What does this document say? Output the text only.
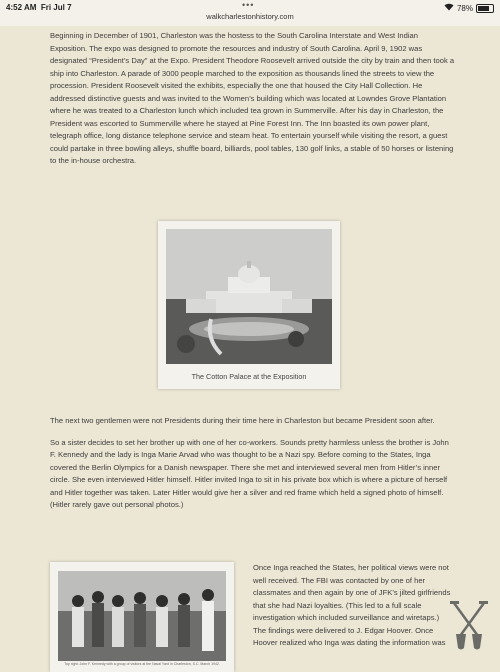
4:52 AM Fri Jul 7	•••
walkcharlestonhistory.com
78%

Beginning in December of 1901, Charleston was the hostess to the South Carolina Interstate and West Indian Exposition. The expo was designed to promote the resources and industry of South Carolina. April 9, 1902 was designated “President’s Day” at the Expo. President Theodore Roosevelt arrived outside the city by train and then took a ship into Charleston. A parade of 3000 people marched to the exposition as thousands lined the streets to view the procession. President Roosevelt visited the exhibits, especially the one that housed the City Hall Collection. He addressed distinctive guests and was invited to the Women’s building which was located at Lowndes Grove Plantation where he was treated to a Charleston lunch which included tea grown in Summerville. After his day in Charleston, the President was escorted to Summerville where he stayed at Pine Forest Inn. The Inn boasted its own power plant, telegraph office, long distance telephone service and steam heat. To entertain yourself while visiting the resort, a guest could partake in three bowling alleys, shuffle board, billiards, pool tables, 130 golf links, a stable of 50 horses or listening to the in-house orchestra.

The Cotton Palace at the Exposition

The next two gentlemen were not Presidents during their time here in Charleston but became President soon after.

So a sister decides to set her brother up with one of her co-workers. Sounds pretty harmless unless the brother is John F. Kennedy and the lady is Inga Marie Arvad who was thought to be a Nazi spy. Before coming to the States, Inga covered the Berlin Olympics for a Danish newspaper. There she met and interviewed several men from Hitler’s inner circle. She even interviewed Hitler himself. Hitler invited Inga to sit in his private box which is where a picture of herself and Hitler together was taken. Later Hitler would give her a silver and red frame which held a signed photo of himself. (Hitler rarely gave out personal photos.)

Top right: John F. Kennedy with a group of visitors at the Naval Yard in Charleston, S.C. March 1942.

Once Inga reached the States, her political views were not well received. The FBI was contacted by one of her classmates and then again by one of JFK’s jilted girlfriends that she had Nazi loyalties. (This led to a full scale investigation which included surveillance and wiretaps.) The findings were delivered to J. Edgar Hoover. Once Hoover realized who Inga was dating the information was
